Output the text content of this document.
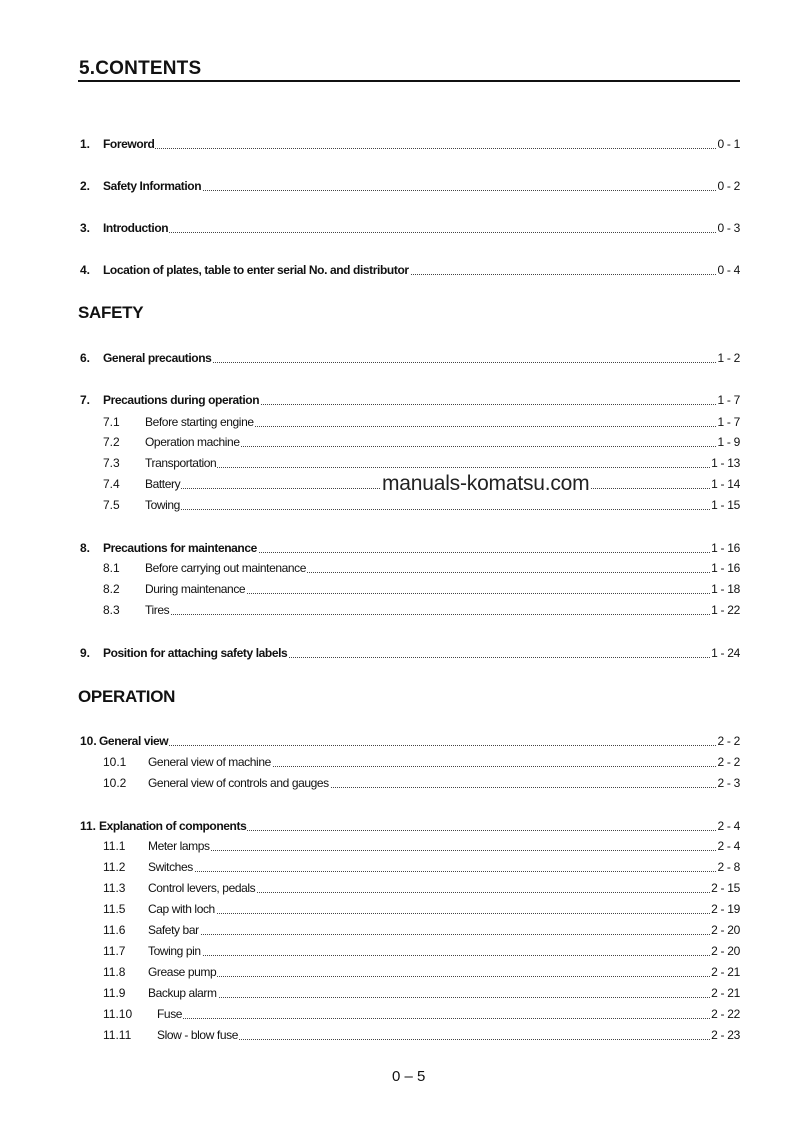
5.CONTENTS
SAFETY
OPERATION
1. Foreword	0 - 1
2. Safety Information	0 - 2
3. Introduction	0 - 3
4. Location of plates, table to enter serial No. and distributor	0 - 4
6. General precautions	1 - 2
7. Precautions during operation	1 - 7
7.1 Before starting engine	1 - 7
7.2 Operation machine	1 - 9
7.3 Transportation	1 - 13
7.4 Battery	1 - 14
7.5 Towing	1 - 15
8. Precautions for maintenance	1 - 16
8.1 Before carrying out maintenance	1 - 16
8.2 During maintenance	1 - 18
8.3 Tires	1 - 22
9. Position for attaching safety labels	1 - 24
10. General view	2 - 2
10.1 General view of machine	2 - 2
10.2 General view of controls and gauges	2 - 3
11. Explanation of components	2 - 4
11.1 Meter lamps	2 - 4
11.2 Switches	2 - 8
11.3 Control levers, pedals	2 - 15
11.5 Cap with loch	2 - 19
11.6 Safety bar	2 - 20
11.7 Towing pin	2 - 20
11.8 Grease pump	2 - 21
11.9 Backup alarm	2 - 21
11.10 Fuse	2 - 22
11.11 Slow - blow fuse	2 - 23
manuals-komatsu.com
0 – 5
